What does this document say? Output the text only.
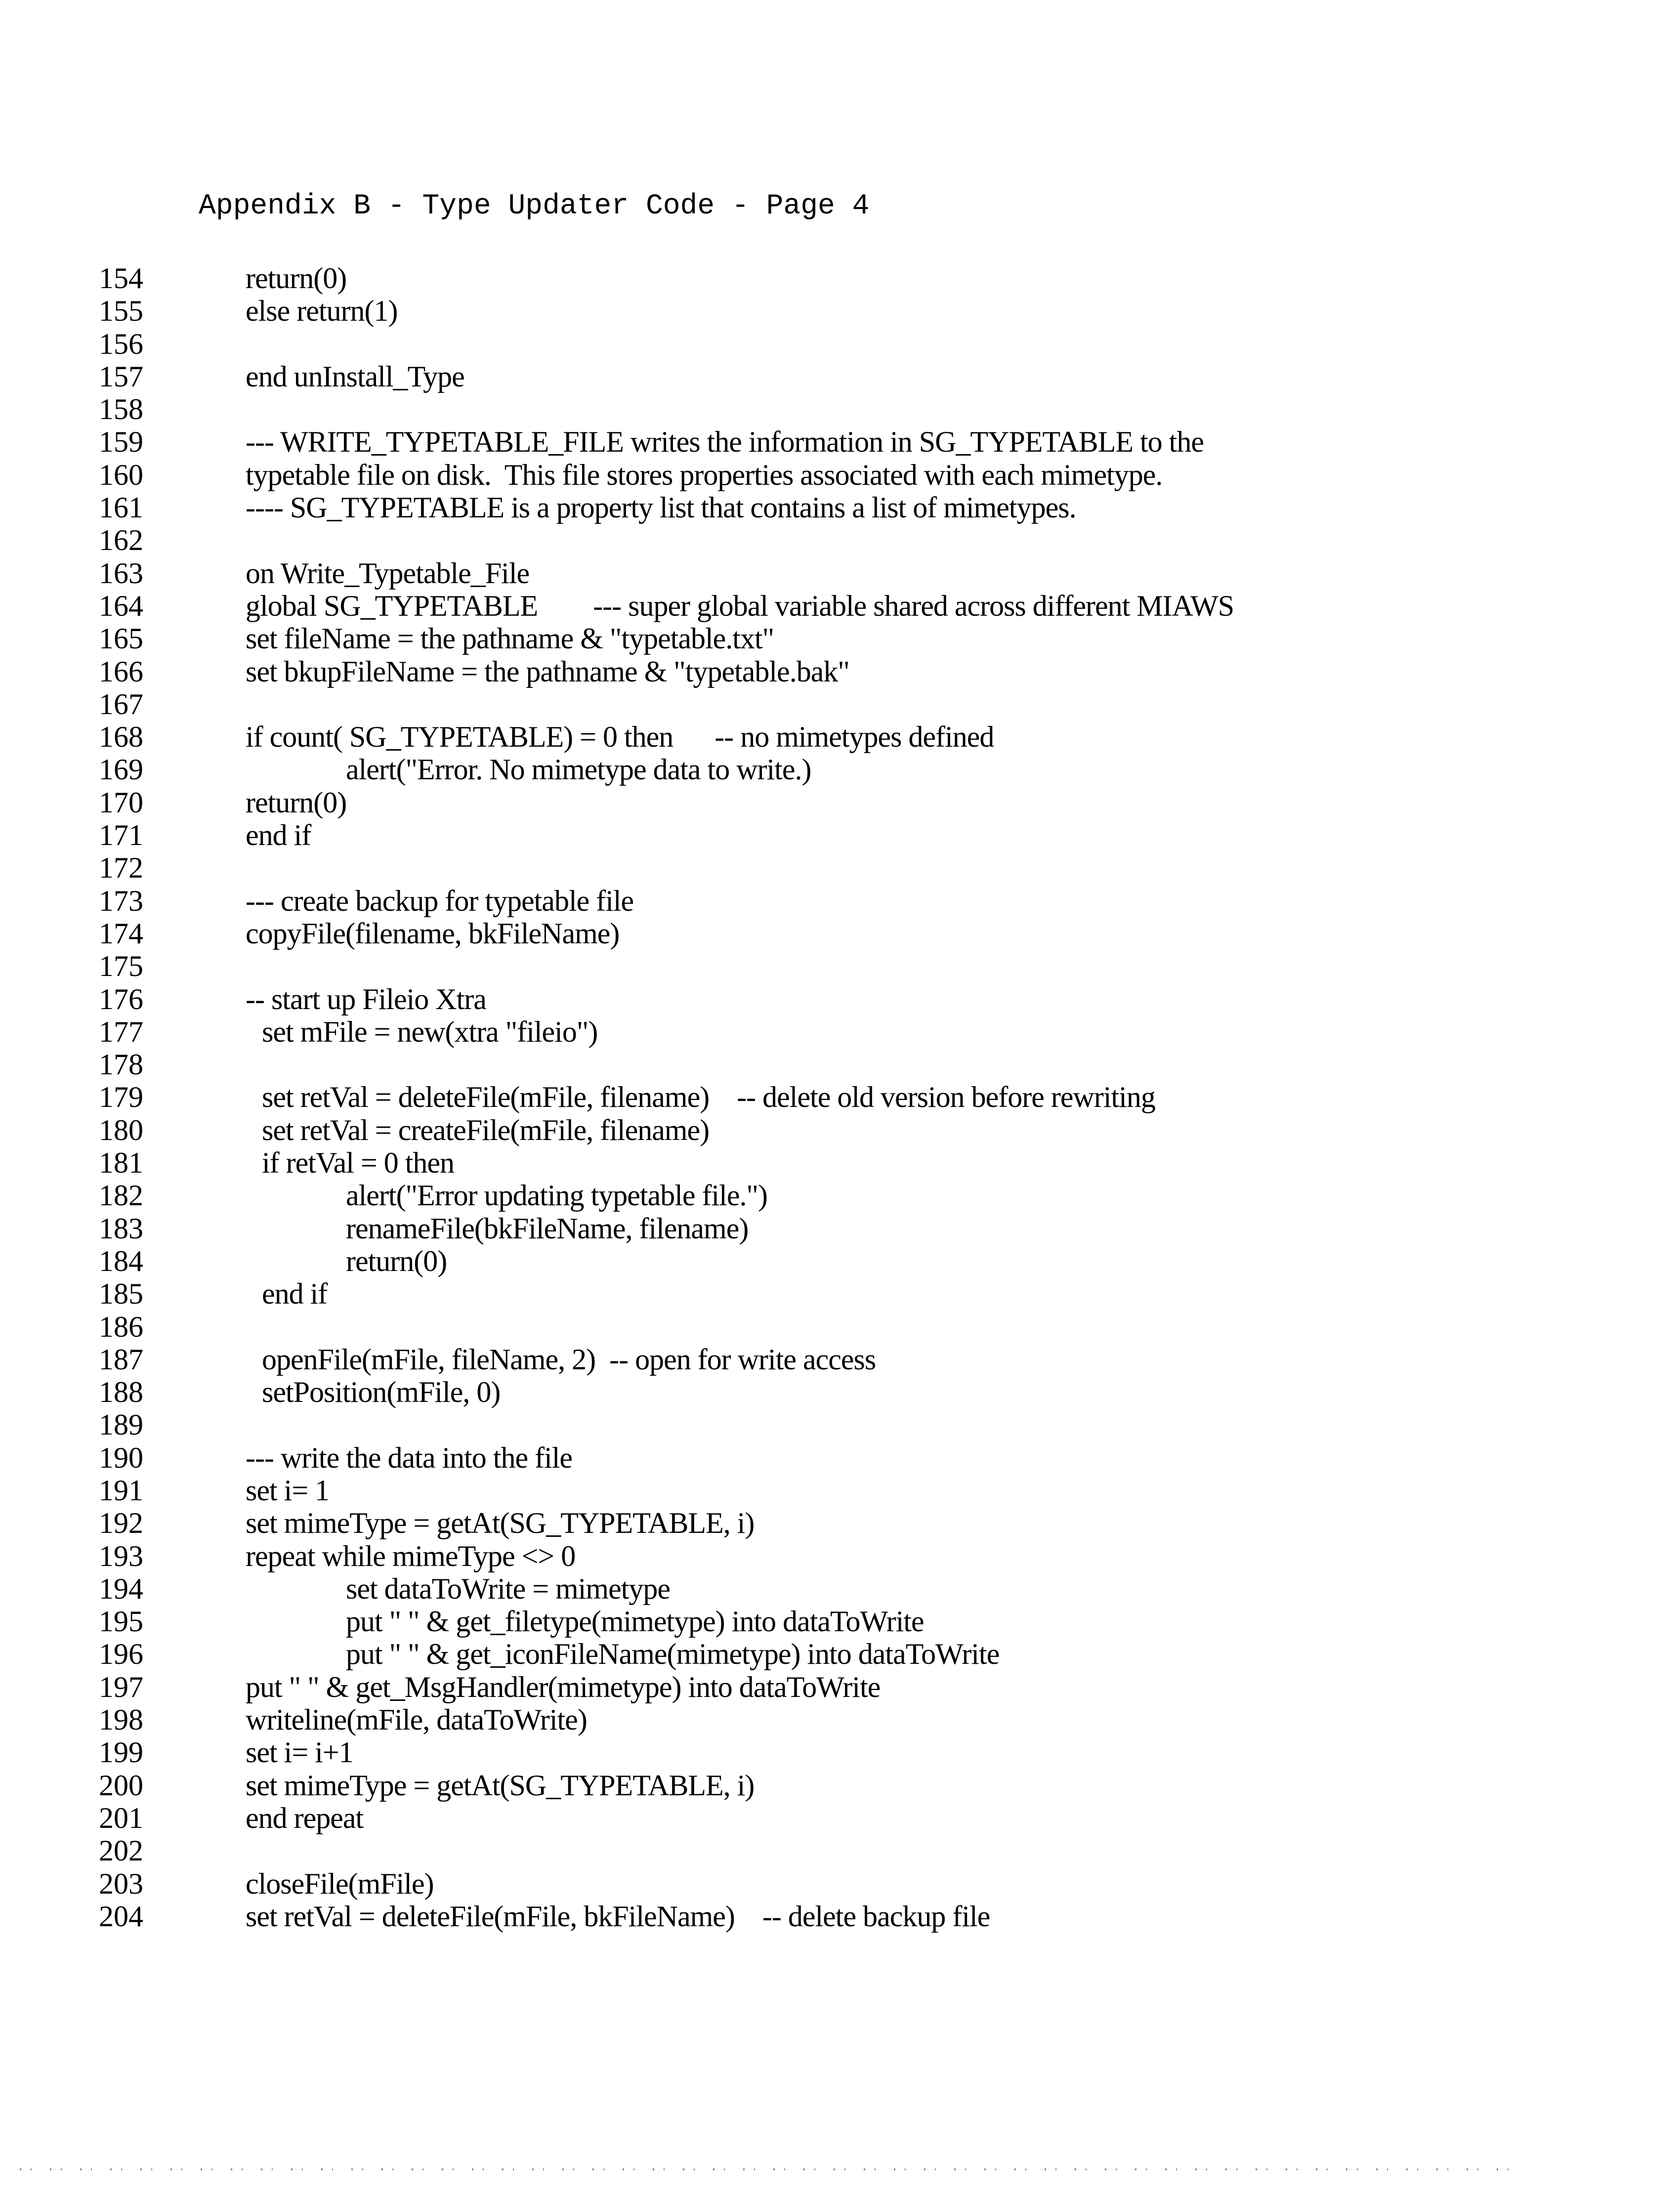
Appendix B - Type Updater Code - Page 4
154	return(0)
155	else return(1)
156
157	end unInstall_Type
158
159	--- WRITE_TYPETABLE_FILE writes the information in SG_TYPETABLE to the
160	typetable file on disk.  This file stores properties associated with each mimetype.
161	---- SG_TYPETABLE is a property list that contains a list of mimetypes.
162
163	on Write_Typetable_File
164	global SG_TYPETABLE        --- super global variable shared across different MIAWS
165	set fileName = the pathname & "typetable.txt"
166	set bkupFileName = the pathname & "typetable.bak"
167
168	if count( SG_TYPETABLE) = 0 then      -- no mimetypes defined
169	alert("Error. No mimetype data to write.)
170	return(0)
171	end if
172
173	--- create backup for typetable file
174	copyFile(filename, bkFileName)
175
176	-- start up Fileio Xtra
177	set mFile = new(xtra "fileio")
178
179	set retVal = deleteFile(mFile, filename)    -- delete old version before rewriting
180	set retVal = createFile(mFile, filename)
181	if retVal = 0 then
182	alert("Error updating typetable file.")
183	renameFile(bkFileName, filename)
184	return(0)
185	end if
186
187	openFile(mFile, fileName, 2)  -- open for write access
188	setPosition(mFile, 0)
189
190	--- write the data into the file
191	set i= 1
192	set mimeType = getAt(SG_TYPETABLE, i)
193	repeat while mimeType <> 0
194	set dataToWrite = mimetype
195	put " " & get_filetype(mimetype) into dataToWrite
196	put " " & get_iconFileName(mimetype) into dataToWrite
197	put " " & get_MsgHandler(mimetype) into dataToWrite
198	writeline(mFile, dataToWrite)
199	set i= i+1
200	set mimeType = getAt(SG_TYPETABLE, i)
201	end repeat
202
203	closeFile(mFile)
204	set retVal = deleteFile(mFile, bkFileName)    -- delete backup file
